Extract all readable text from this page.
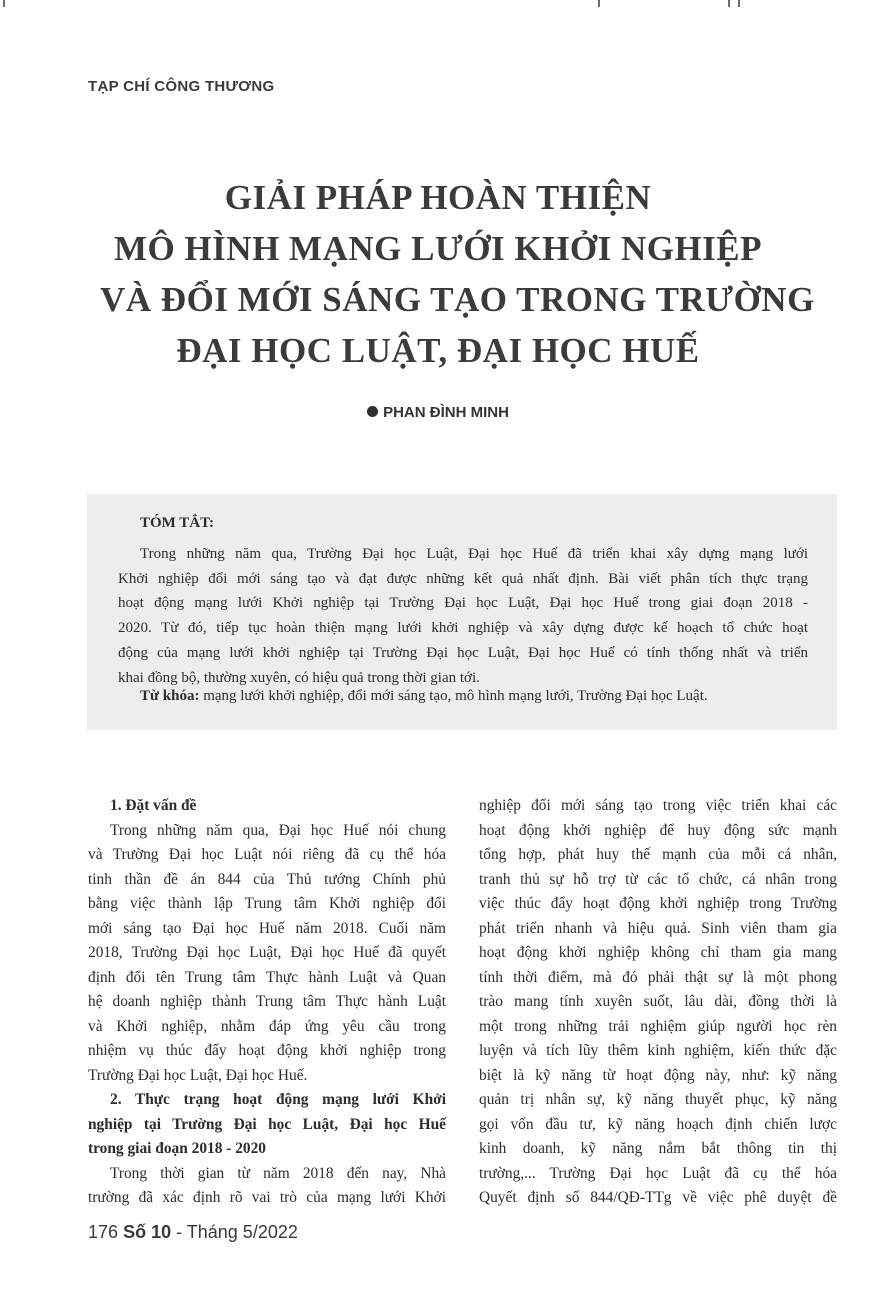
TẠP CHÍ CÔNG THƯƠNG
GIẢI PHÁP HOÀN THIỆN
MÔ HÌNH MẠNG LƯỚI KHỞI NGHIỆP
VÀ ĐỔI MỚI SÁNG TẠO TRONG TRƯỜNG
ĐẠI HỌC LUẬT, ĐẠI HỌC HUẾ
PHAN ĐÌNH MINH
TÓM TẮT:

Trong những năm qua, Trường Đại học Luật, Đại học Huế đã triển khai xây dựng mạng lưới
Khởi nghiệp đổi mới sáng tạo và đạt được những kết quả nhất định. Bài viết phân tích thực trạng
hoạt động mạng lưới Khởi nghiệp tại Trường Đại học Luật, Đại học Huế trong giai đoạn 2018 -
2020. Từ đó, tiếp tục hoàn thiện mạng lưới khởi nghiệp và xây dựng được kế hoạch tổ chức hoạt
động của mạng lưới khởi nghiệp tại Trường Đại học Luật, Đại học Huế có tính thống nhất và triển
khai đồng bộ, thường xuyên, có hiệu quả trong thời gian tới.

Từ khóa: mạng lưới khởi nghiệp, đổi mới sáng tạo, mô hình mạng lưới, Trường Đại học Luật.
1. Đặt vấn đề
Trong những năm qua, Đại học Huế nói chung
và Trường Đại học Luật nói riêng đã cụ thể hóa
tinh thần đề án 844 của Thủ tướng Chính phủ
bằng việc thành lập Trung tâm Khởi nghiệp đổi
mới sáng tạo Đại học Huế năm 2018. Cuối năm
2018, Trường Đại học Luật, Đại học Huế đã quyết
định đổi tên Trung tâm Thực hành Luật và Quan
hệ doanh nghiệp thành Trung tâm Thực hành Luật
và Khởi nghiệp, nhằm đáp ứng yêu cầu trong
nhiệm vụ thúc đẩy hoạt động khởi nghiệp trong
Trường Đại học Luật, Đại học Huế.
2. Thực trạng hoạt động mạng lưới Khởi
nghiệp tại Trường Đại học Luật, Đại học Huế
trong giai đoạn 2018 - 2020
Trong thời gian từ năm 2018 đến nay, Nhà
trường đã xác định rõ vai trò của mạng lưới Khởi
nghiệp đổi mới sáng tạo trong việc triển khai các
hoạt động khởi nghiệp để huy động sức mạnh
tổng hợp, phát huy thế mạnh của mỗi cá nhân,
tranh thủ sự hỗ trợ từ các tổ chức, cá nhân trong
việc thúc đẩy hoạt động khởi nghiệp trong Trường
phát triển nhanh và hiệu quả. Sinh viên tham gia
hoạt động khởi nghiệp không chỉ tham gia mang
tính thời điểm, mà đó phải thật sự là một phong
trào mang tính xuyên suốt, lâu dài, đồng thời là
một trong những trải nghiệm giúp người học rèn
luyện và tích lũy thêm kinh nghiệm, kiến thức đặc
biệt là kỹ năng từ hoạt động này, như: kỹ năng
quản trị nhân sự, kỹ năng thuyết phục, kỹ năng
gọi vốn đầu tư, kỹ năng hoạch định chiến lược
kinh doanh, kỹ năng nắm bắt thông tin thị
trường,... Trường Đại học Luật đã cụ thể hóa
Quyết định số 844/QĐ-TTg về việc phê duyệt đề
176 Số 10 - Tháng 5/2022
